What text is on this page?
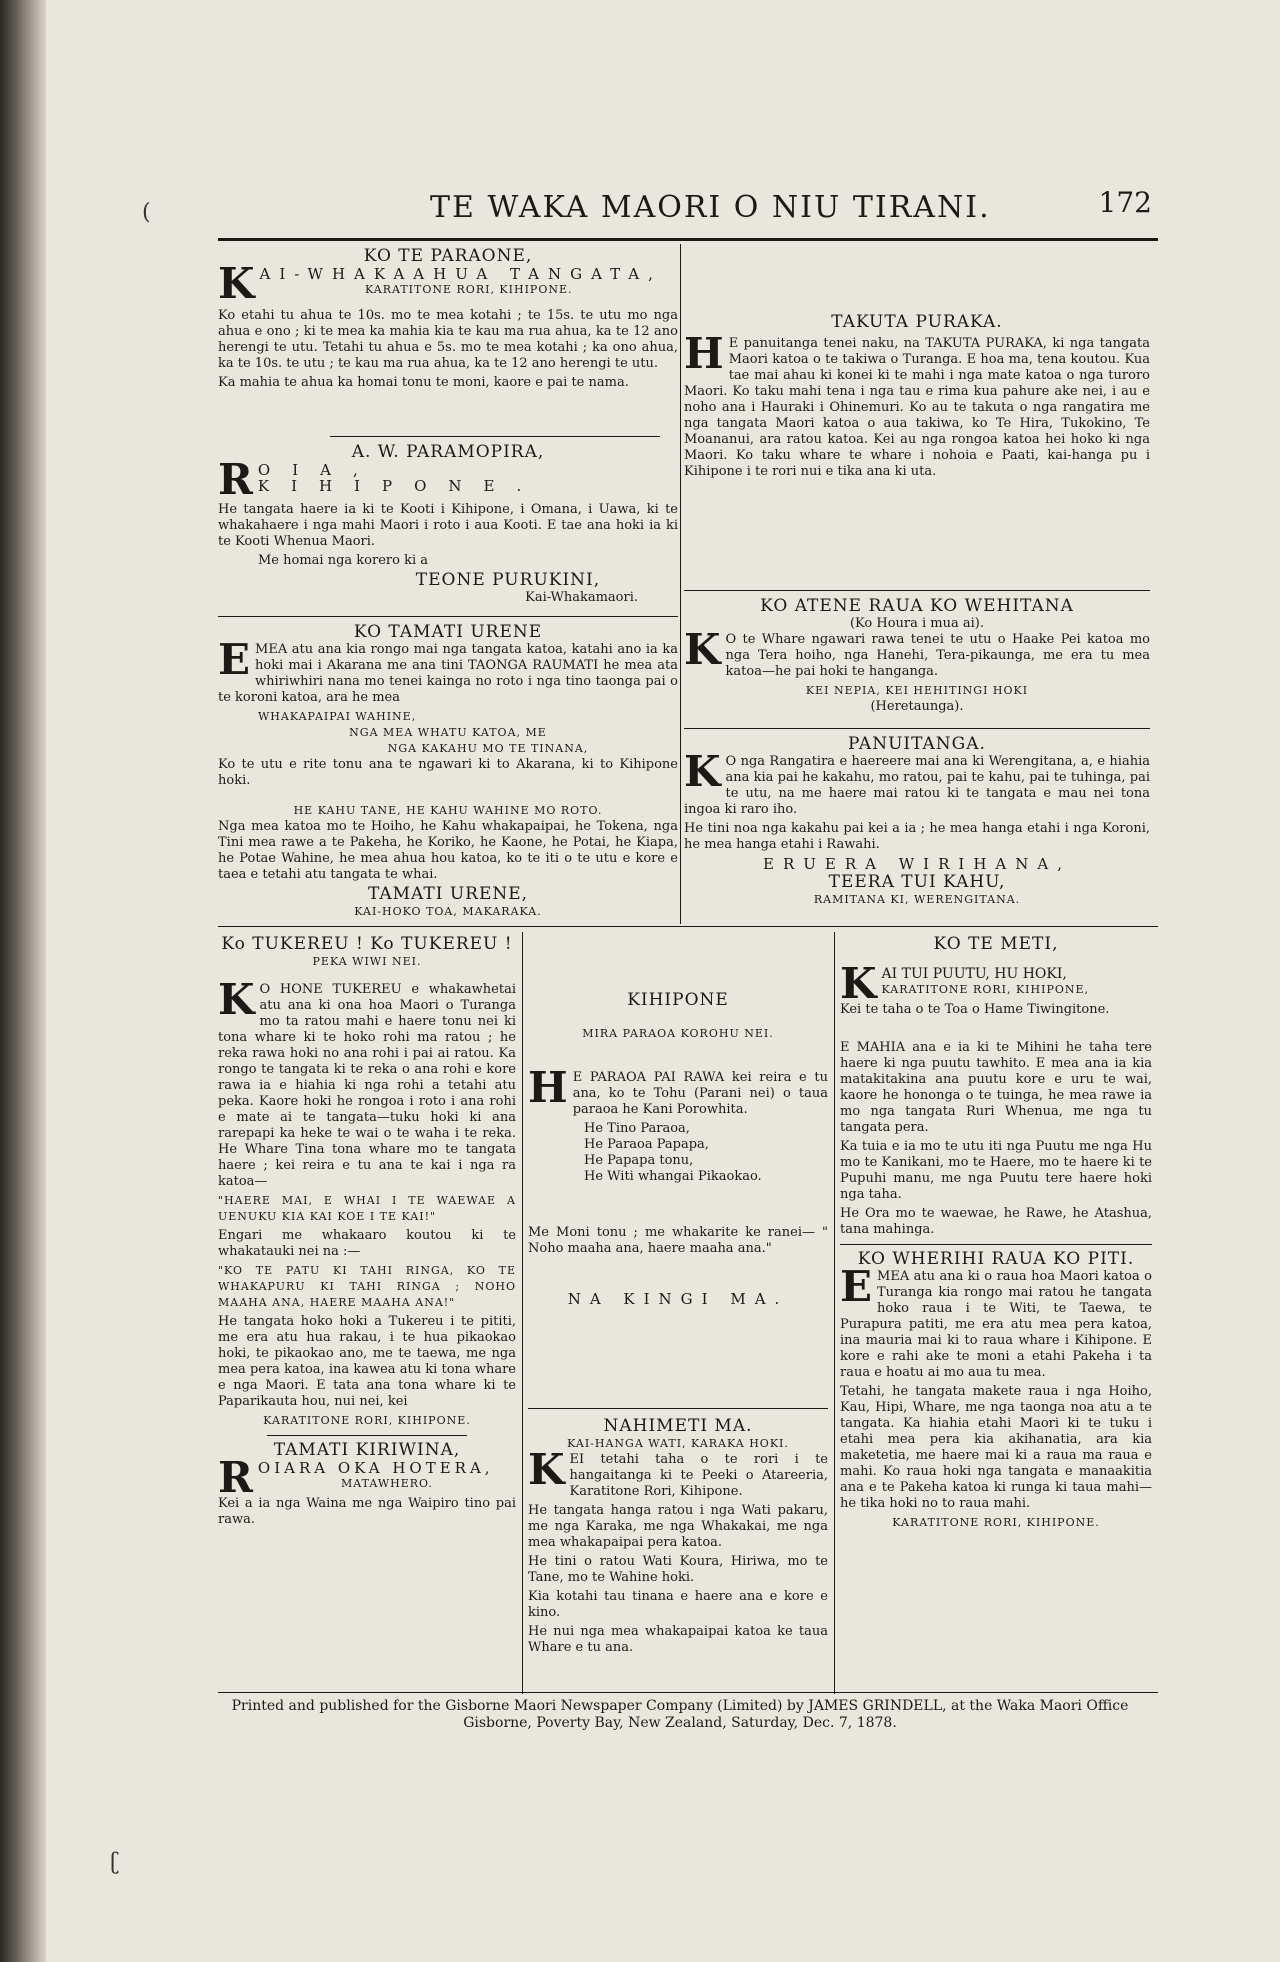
(
ʗ
TE WAKA MAORI O NIU TIRANI.	172
KO TE PARAONE,
K AI-WHAKAAHUA TANGATA,
KARATITONE RORI, KIHIPONE.

Ko etahi tu ahua te 10s. mo te mea kotahi ; te 15s. te utu mo nga ahua e ono ; ki te mea ka mahia kia te kau ma rua ahua, ka te 12 ano herengi te utu. Tetahi tu ahua e 5s. mo te mea kotahi ; ka ono ahua, ka te 10s. te utu ; te kau ma rua ahua, ka te 12 ano herengi te utu.

Ka mahia te ahua ka homai tonu te moni, kaore e pai te nama.

A. W. PARAMOPIRA,
R OIA, KIHIPONE.

He tangata haere ia ki te Kooti i Kihipone, i Omana, i Uawa, ki te whakahaere i nga mahi Maori i roto i aua Kooti. E tae ana hoki ia ki te Kooti Whenua Maori.

Me homai nga korero ki a

TEONE PURUKINI,
Kai-Whakamaori.
KO TAMATI URENE

EMEA atu ana kia rongo mai nga tangata katoa, katahi ano ia ka hoki mai i Akarana me ana tini TAONGA RAUMATI he mea ata whiriwhiri nana mo tenei kainga no roto i nga tino taonga pai o te koroni katoa, ara he mea

WHAKAPAIPAI WAHINE,
NGA MEA WHATU KATOA, ME
NGA KAKAHU MO TE TINANA,

Ko te utu e rite tonu ana te ngawari ki to Akarana, ki to Kihipone hoki.

HE KAHU TANE, HE KAHU WAHINE MO ROTO.

Nga mea katoa mo te Hoiho, he Kahu whakapaipai, he Tokena, nga Tini mea rawe a te Pakeha, he Koriko, he Kaone, he Potai, he Kiapa, he Potae Wahine, he mea ahua hou katoa, ko te iti o te utu e kore e taea e tetahi atu tangata te whai.

TAMATI URENE,
KAI-HOKO TOA, MAKARAKA.
TAKUTA PURAKA.

H E panuitanga tenei naku, na TAKUTA PURAKA, ki nga tangata Maori katoa o te takiwa o Turanga. E hoa ma, tena koutou. Kua tae mai ahau ki konei ki te mahi i nga mate katoa o nga turoro Maori. Ko taku mahi tena i nga tau e rima kua pahure ake nei, i au e noho ana i Hauraki i Ohinemuri. Ko au te takuta o nga rangatira me nga tangata Maori katoa o aua takiwa, ko Te Hira, Tukokino, Te Moananui, ara ratou katoa. Kei au nga rongoa katoa hei hoko ki nga Maori. Ko taku whare te whare i nohoia e Paati, kai-hanga pu i Kihipone i te rori nui e tika ana ki uta.

KO ATENE RAUA KO WEHITANA
(Ko Houra i mua ai).

K O te Whare ngawari rawa tenei te utu o Haake Pei katoa mo nga Tera hoiho, nga Hanehi, Tera-pikaunga, me era tu mea katoa—he pai hoki te hanganga.

KEI NEPIA, KEI HEHITINGI HOKI
(Heretaunga).
PANUITANGA.

K O nga Rangatira e haereere mai ana ki Werengitana, a, e hiahia ana kia pai he kakahu, mo ratou, pai te kahu, pai te tuhinga, pai te utu, na me haere mai ratou ki te tangata e mau nei tona ingoa ki raro iho.

He tini noa nga kakahu pai kei a ia ; he mea hanga etahi i nga Koroni, he mea hanga etahi i Rawahi.

ERUERA WIRIHANA,
TEERA TUI KAHU,
RAMITANA KI, WERENGITANA.
Ko TUKEREU ! Ko TUKEREU !
PEKA WIWI NEI.

K O HONE TUKEREU e whakawhetai atu ana ki ona hoa Maori o Turanga mo ta ratou mahi e haere tonu nei ki tona whare ki te hoko rohi ma ratou ; he reka rawa hoki no ana rohi i pai ai ratou. Ka rongo te tangata ki te reka o ana rohi e kore rawa ia e hiahia ki nga rohi a tetahi atu peka. Kaore hoki he rongoa i roto i ana rohi e mate ai te tangata—tuku hoki ki ana rarepapi ka heke te wai o te waha i te reka. He Whare Tina tona whare mo te tangata haere ; kei reira e tu ana te kai i nga ra katoa—

"HAERE MAI, E WHAI I TE WAEWAE A UENUKU KIA KAI KOE I TE KAI!"

Engari me whakaaro koutou ki te whakatauki nei na :—

"KO TE PATU KI TAHI RINGA, KO TE WHAKAPURU KI TAHI RINGA ; NOHO MAAHA ANA, HAERE MAAHA ANA!"

He tangata hoko hoki a Tukereu i te pititi, me era atu hua rakau, i te hua pikaokao hoki, te pikaokao ano, me te taewa, me nga mea pera katoa, ina kawea atu ki tona whare e nga Maori. E tata ana tona whare ki te Paparikauta hou, nui nei, kei

KARATITONE RORI, KIHIPONE.
TAMATI KIRIWINA,
R OIARA OKA HOTERA,
MATAWHERO.

Kei a ia nga Waina me nga Waipiro tino pai rawa.

KIHIPONE
MIRA PARAOA KOROHU NEI.

H E PARAOA PAI RAWA kei reira e tu ana, ko te Tohu (Parani nei) o taua paraoa he Kani Porowhita.

He Tino Paraoa,
He Paraoa Papapa,
He Papapa tonu,
He Witi whangai Pikaokao.

Me Moni tonu ; me whakarite ke ranei— " Noho maaha ana, haere maaha ana."

NA KINGI MA.
NAHIMETI MA.
KAI-HANGA WATI, KARAKA HOKI.

KEI tetahi taha o te rori i te hangaitanga ki te Peeki o Atareeria, Karatitone Rori, Kihipone.

He tangata hanga ratou i nga Wati pakaru, me nga Karaka, me nga Whakakai, me nga mea whakapaipai pera katoa.

He tini o ratou Wati Koura, Hiriwa, mo te Tane, mo te Wahine hoki.

Kia kotahi tau tinana e haere ana e kore e kino.

He nui nga mea whakapaipai katoa ke taua Whare e tu ana.

KO TE METI,
K AI TUI PUUTU, HU HOKI,
KARATITONE RORI, KIHIPONE,
Kei te taha o te Toa o Hame Tiwingitone.

E MAHIA ana e ia ki te Mihini he taha tere haere ki nga puutu tawhito. E mea ana ia kia matakitakina ana puutu kore e uru te wai, kaore he hononga o te tuinga, he mea rawe ia mo nga tangata Ruri Whenua, me nga tu tangata pera.

Ka tuia e ia mo te utu iti nga Puutu me nga Hu mo te Kanikani, mo te Haere, mo te haere ki te Pupuhi manu, me nga Puutu tere haere hoki nga taha.

He Ora mo te waewae, he Rawe, he Atashua, tana mahinga.

KO WHERIHI RAUA KO PITI.

EMEA atu ana ki o raua hoa Maori katoa o Turanga kia rongo mai ratou he tangata hoko raua i te Witi, te Taewa, te Purapura patiti, me era atu mea pera katoa, ina mauria mai ki to raua whare i Kihipone. E kore e rahi ake te moni a etahi Pakeha i ta raua e hoatu ai mo aua tu mea.

Tetahi, he tangata makete raua i nga Hoiho, Kau, Hipi, Whare, me nga taonga noa atu a te tangata. Ka hiahia etahi Maori ki te tuku i etahi mea pera kia akihanatia, ara kia maketetia, me haere mai ki a raua ma raua e mahi. Ko raua hoki nga tangata e manaakitia ana e te Pakeha katoa ki runga ki taua mahi—he tika hoki no to raua mahi.

KARATITONE RORI, KIHIPONE.
Printed and published for the Gisborne Maori Newspaper Company (Limited) by JAMES GRINDELL, at the Waka Maori Office
Gisborne, Poverty Bay, New Zealand, Saturday, Dec. 7, 1878.
